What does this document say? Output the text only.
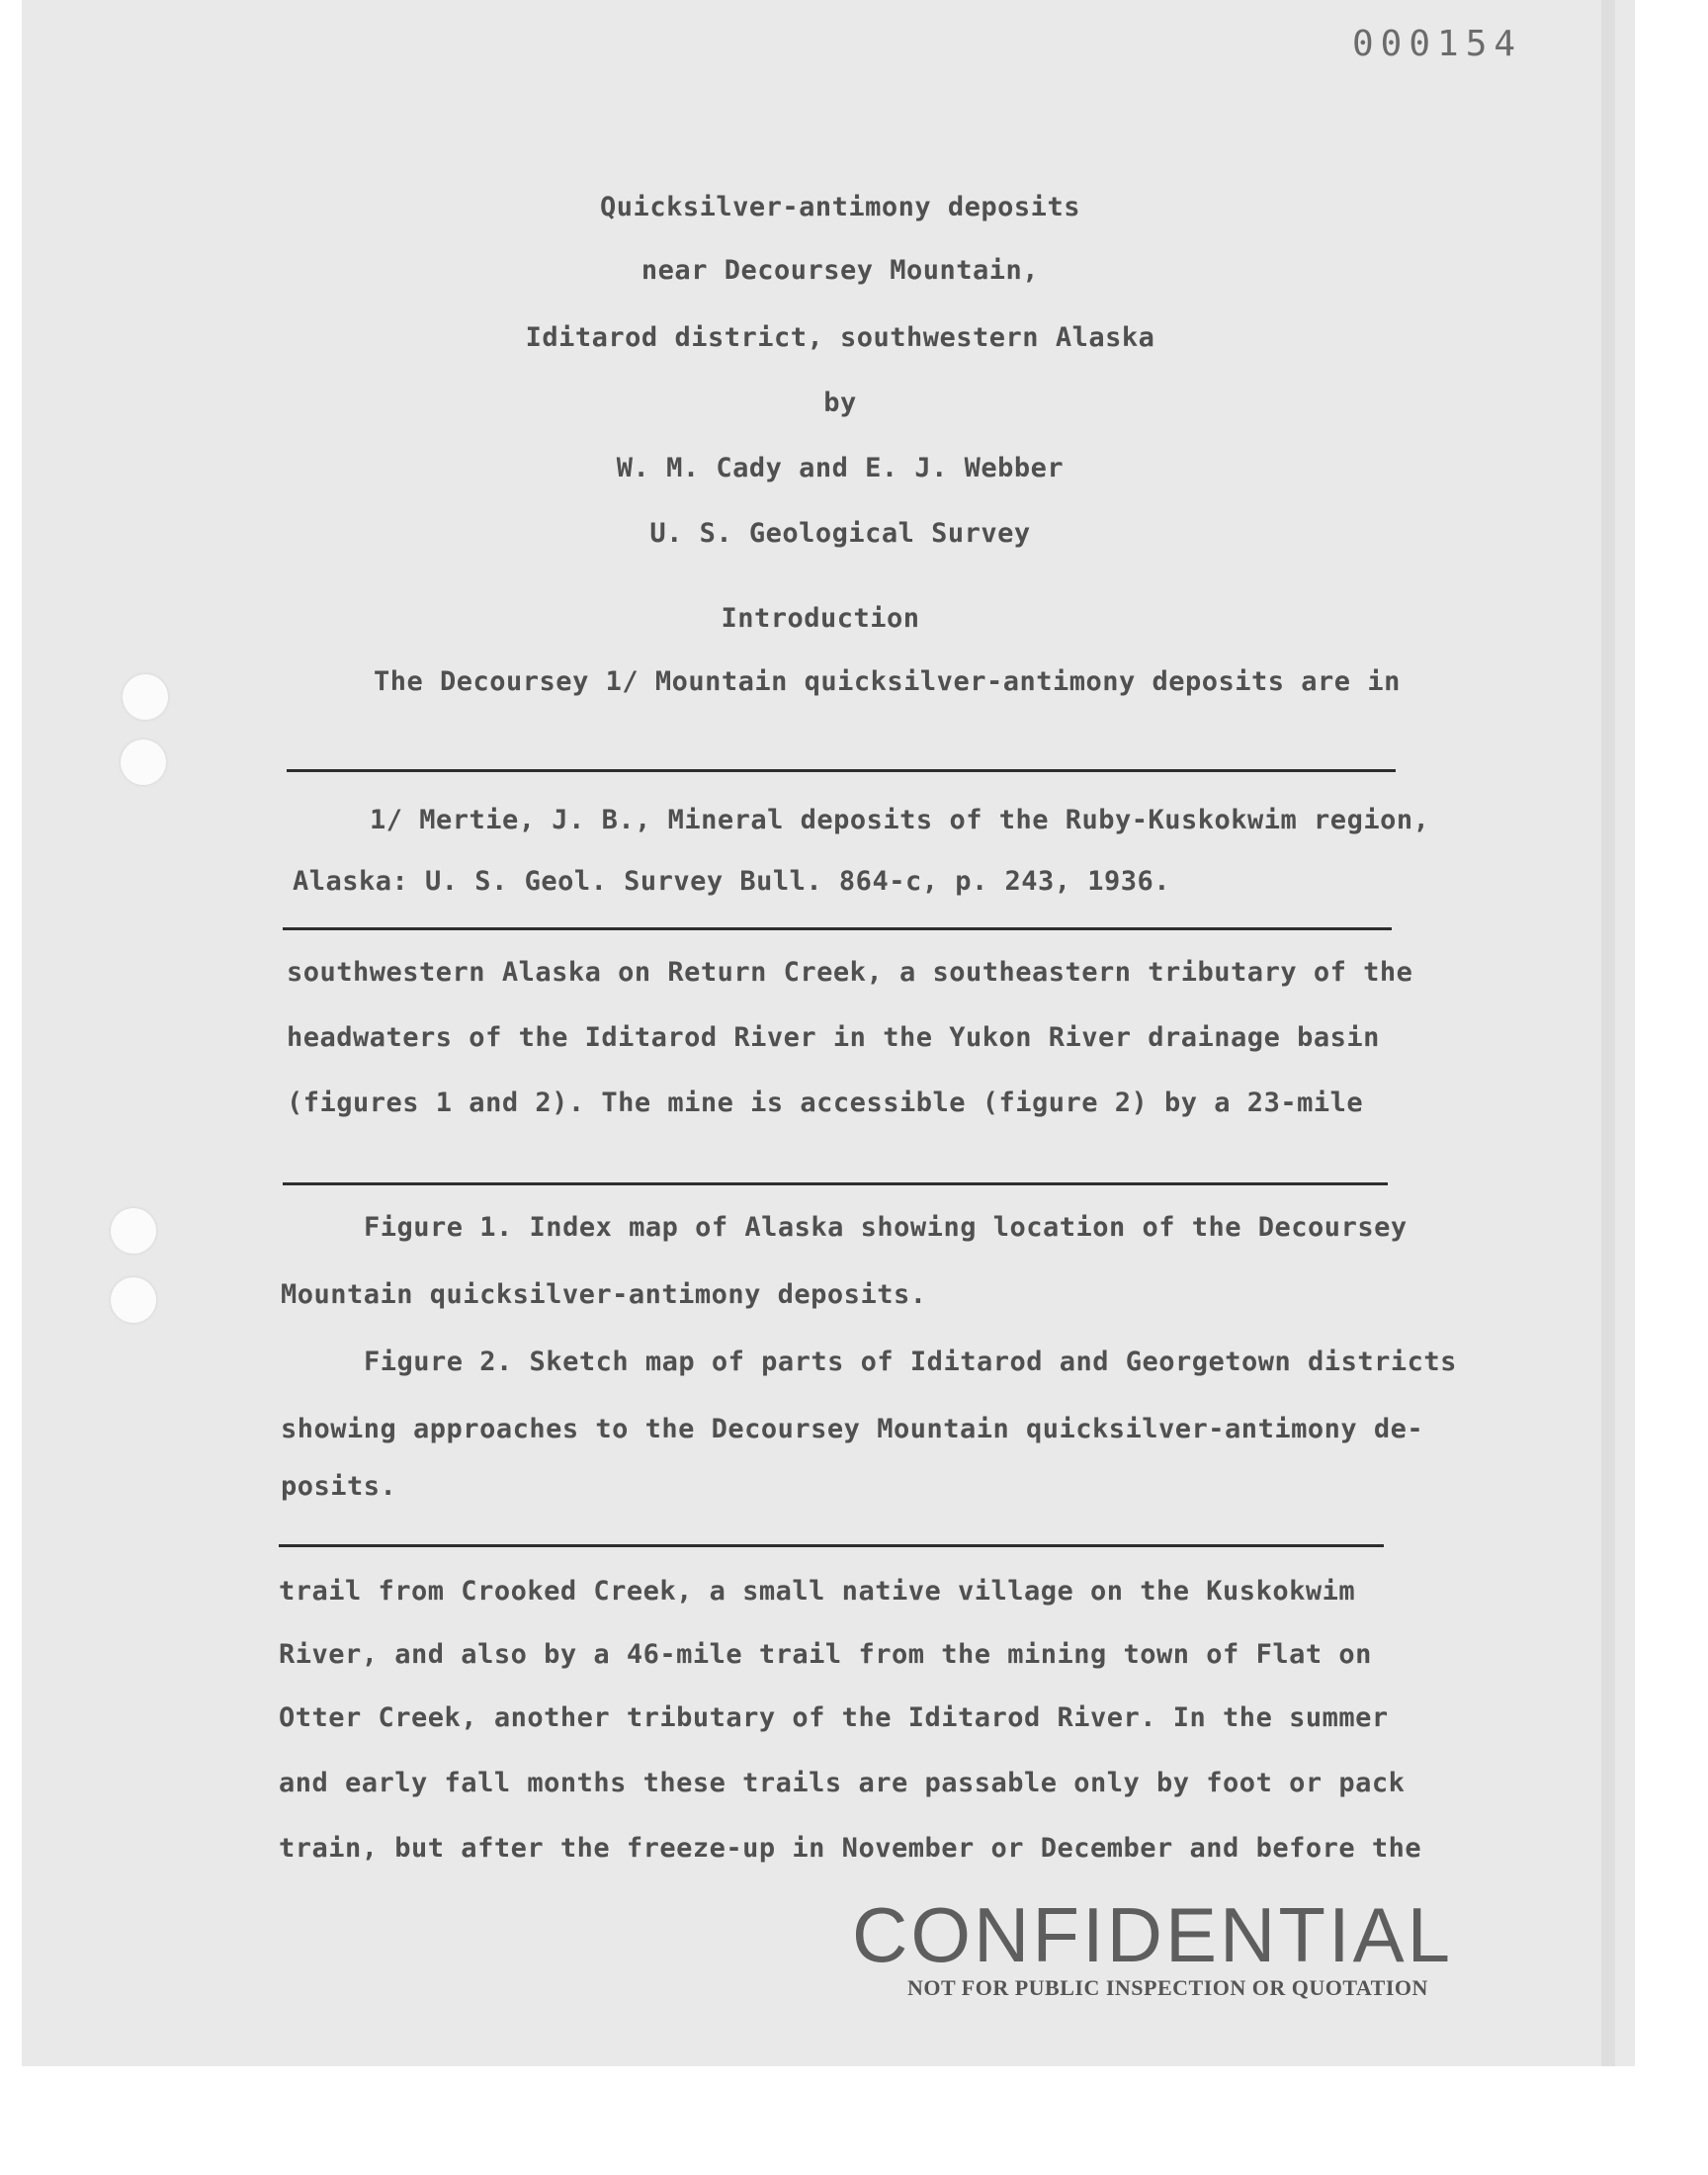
000154
Quicksilver-antimony deposits
near Decoursey Mountain,
Iditarod district, southwestern Alaska
by
W. M. Cady and E. J. Webber
U. S. Geological Survey
Introduction
The Decoursey 1/ Mountain quicksilver-antimony deposits are in
1/ Mertie, J. B., Mineral deposits of the Ruby-Kuskokwim region,
Alaska: U. S. Geol. Survey Bull. 864-c, p. 243, 1936.
southwestern Alaska on Return Creek, a southeastern tributary of the
headwaters of the Iditarod River in the Yukon River drainage basin
(figures 1 and 2). The mine is accessible (figure 2) by a 23-mile
Figure 1. Index map of Alaska showing location of the Decoursey
Mountain quicksilver-antimony deposits.
Figure 2. Sketch map of parts of Iditarod and Georgetown districts
showing approaches to the Decoursey Mountain quicksilver-antimony de-
posits.
trail from Crooked Creek, a small native village on the Kuskokwim
River, and also by a 46-mile trail from the mining town of Flat on
Otter Creek, another tributary of the Iditarod River. In the summer
and early fall months these trails are passable only by foot or pack
train, but after the freeze-up in November or December and before the
CONFIDENTIAL
NOT FOR PUBLIC INSPECTION OR QUOTATION
